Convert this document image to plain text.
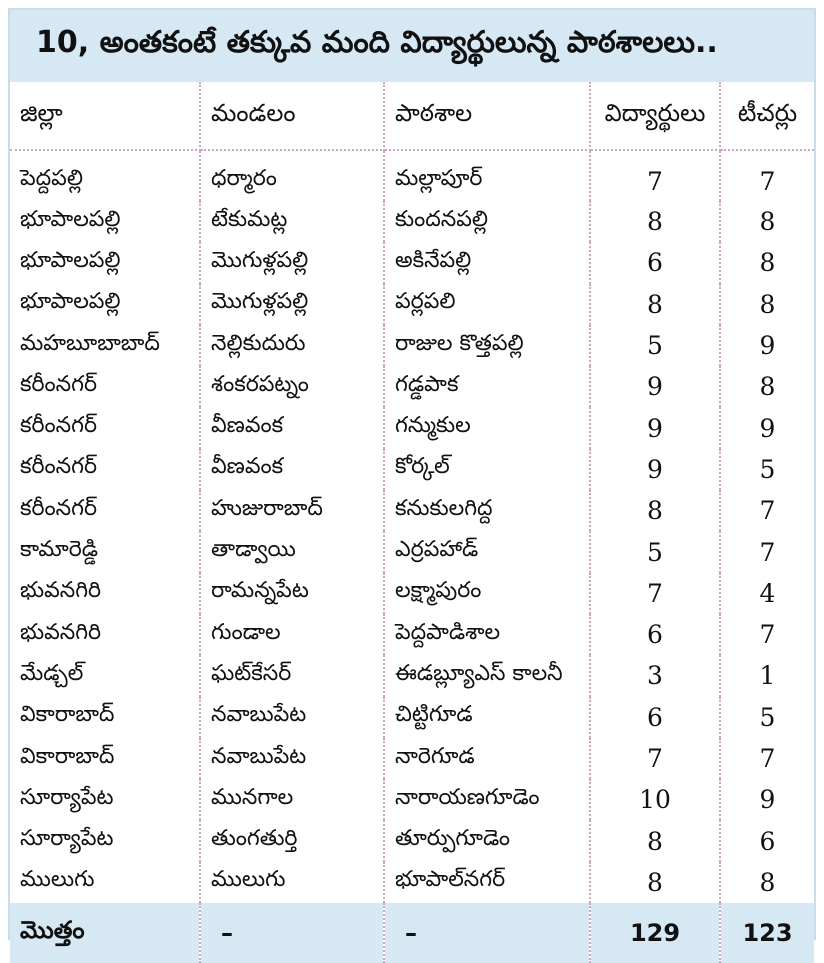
10, అంతకంటే తక్కువ మంది విద్యార్థులున్న పాఠశాలలు..
జిల్లా	మండలం	పాఠశాల	విద్యార్థులు	టీచర్లు
పెద్దపల్లి	ధర్మారం	మల్లాపూర్	7	7
భూపాలపల్లి	టేకుమట్ల	కుందనపల్లి	8	8
భూపాలపల్లి	మొగుళ్లపల్లి	అకినేపల్లి	6	8
భూపాలపల్లి	మొగుళ్లపల్లి	పర్లపలి	8	8
మహబూబాబాద్	నెల్లికుదురు	రాజుల కొత్తపల్లి	5	9
కరీంనగర్	శంకరపట్నం	గడ్డపాక	9	8
కరీంనగర్	వీణవంక	గన్ముకుల	9	9
కరీంనగర్	వీణవంక	కోర్కల్	9	5
కరీంనగర్	హుజురాబాద్	కనుకులగిద్ద	8	7
కామారెడ్డి	తాడ్వాయి	ఎర్రపహాడ్	5	7
భువనగిరి	రామన్నపేట	లక్ష్మాపురం	7	4
భువనగిరి	గుండాల	పెద్దపాడిశాల	6	7
మేడ్చల్	ఘట్‌కేసర్	ఈడబ్ల్యూఎస్ కాలనీ	3	1
వికారాబాద్	నవాబుపేట	చిట్టిగూడ	6	5
వికారాబాద్	నవాబుపేట	నారెగూడ	7	7
సూర్యాపేట	మునగాల	నారాయణగూడెం	10	9
సూర్యాపేట	తుంగతుర్తి	తూర్పుగూడెం	8	6
ములుగు	ములుగు	భూపాల్‌నగర్	8	8
మొత్తం	–	–	129	123
